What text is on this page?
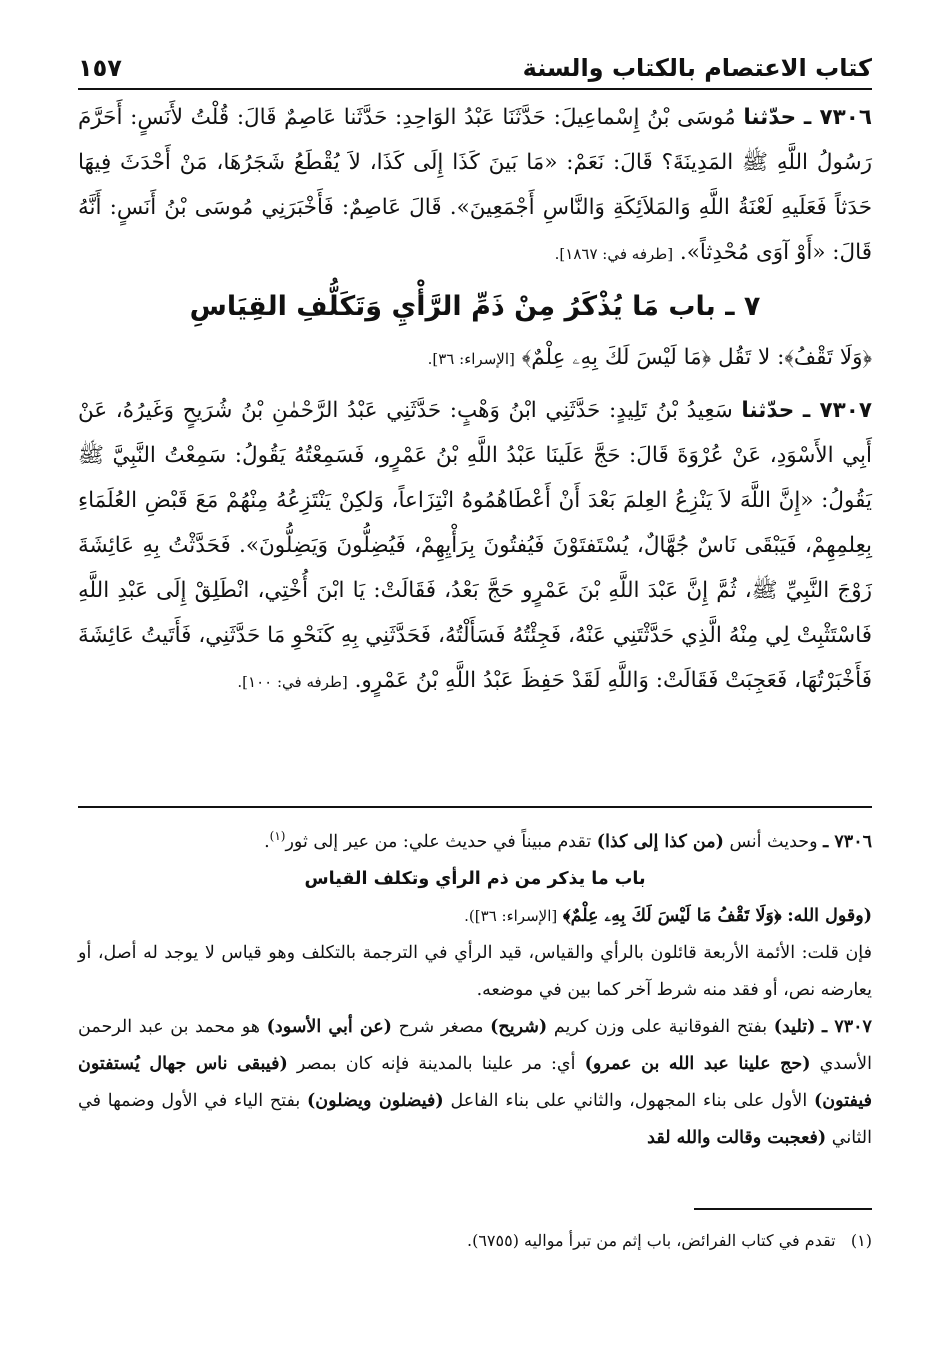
كتاب الاعتصام بالكتاب والسنة
١٥٧

٧٣٠٦ ـ حدّثنا مُوسَى بْنُ إِسْماعِيلَ: حَدَّثَنَا عَبْدُ الوَاحِدِ: حَدَّثَنا عَاصِمٌ قَالَ: قُلْتُ لأَنَسٍ: أَحَرَّمَ رَسُولُ اللَّهِ ﷺ المَدِينَةَ؟ قَالَ: نَعَمْ: «مَا بَينَ كَذَا إِلَى كَذَا، لاَ يُقْطَعُ شَجَرُهَا، مَنْ أَحْدَثَ فِيهَا حَدَثاً فَعَلَيهِ لَعْنَةُ اللَّهِ وَالمَلاَئِكَةِ وَالنَّاسِ أَجْمَعِينَ». قَالَ عَاصِمٌ: فَأَخْبَرَنِي مُوسَى بْنُ أَنَسٍ: أَنَّهُ قَالَ: «أَوْ آوَى مُحْدِثاً». [طرفه في: ١٨٦٧].

٧ ـ باب مَا يُذْكَرُ مِنْ ذَمِّ الرَّأْيِ وَتَكَلُّفِ القِيَاسِ

﴿وَلَا تَقْفُ﴾: لا تَقُل ﴿مَا لَيْسَ لَكَ بِهِۦ عِلْمٌ﴾ [الإسراء: ٣٦].

٧٣٠٧ ـ حدّثنا سَعِيدُ بْنُ تَلِيدٍ: حَدَّثَنِي ابْنُ وَهْبٍ: حَدَّثَنِي عَبْدُ الرَّحْمٰنِ بْنُ شُرَيحٍ وَغَيرُهُ، عَنْ أَبِي الأَسْوَدِ، عَنْ عُرْوَةَ قَالَ: حَجَّ عَلَينَا عَبْدُ اللَّهِ بْنُ عَمْرٍو، فَسَمِعْتُهُ يَقُولُ: سَمِعْتُ النَّبِيَّ ﷺ يَقُولُ: «إِنَّ اللَّهَ لاَ يَنْزِعُ العِلمَ بَعْدَ أَنْ أَعْطَاهُمُوهُ انْتِزَاعاً، وَلكِنْ يَنْتَزِعُهُ مِنْهُمْ مَعَ قَبْضِ العُلَمَاءِ بِعِلمِهِمْ، فَيَبْقَى نَاسٌ جُهَّالٌ، يُسْتَفتَوْنَ فَيُفتُونَ بِرَأْيِهِمْ، فَيُضِلُّونَ وَيَضِلُّونَ». فَحَدَّثْتُ بِهِ عَائِشَةَ زَوْجَ النَّبِيِّ ﷺ، ثُمَّ إِنَّ عَبْدَ اللَّهِ بْنَ عَمْرٍو حَجَّ بَعْدُ، فَقَالَتْ: يَا ابْنَ أُخْتِي، انْطَلِقْ إِلَى عَبْدِ اللَّهِ فَاسْتَثْبِتْ لِي مِنْهُ الَّذِي حَدَّثْتَنِي عَنْهُ، فَجِئْتُهُ فَسَأَلْتُهُ، فَحَدَّثَنِي بِهِ كَنَحْوِ مَا حَدَّثَنِي، فَأَتَيتُ عَائِشَةَ فَأَخْبَرْتُهَا، فَعَجِبَتْ فَقَالَتْ: وَاللَّهِ لَقَدْ حَفِظَ عَبْدُ اللَّهِ بْنُ عَمْرٍو. [طرفه في: ١٠٠].

٧٣٠٦ ـ وحديث أنس (من كذا إلى كذا) تقدم مبيناً في حديث علي: من عير إلى ثور$^{(١)}$.

باب ما يذكر من ذم الرأي وتكلف القياس

(وقول الله: ﴿وَلَا تَقْفُ مَا لَيْسَ لَكَ بِهِۦ عِلْمٌ﴾ [الإسراء: ٣٦]).

فإن قلت: الأئمة الأربعة قائلون بالرأي والقياس، قيد الرأي في الترجمة بالتكلف وهو قياس لا يوجد له أصل، أو يعارضه نص، أو فقد منه شرط آخر كما بين في موضعه.

٧٣٠٧ ـ (تليد) بفتح الفوقانية على وزن كريم (شريح) مصغر شرح (عن أبي الأسود) هو محمد بن عبد الرحمن الأسدي (حج علينا عبد الله بن عمرو) أي: مر علينا بالمدينة فإنه كان بمصر (فيبقى ناس جهال يُستفتون فيفتون) الأول على بناء المجهول، والثاني على بناء الفاعل (فيضلون ويضلون) بفتح الياء في الأول وضمها في الثاني (فعجبت وقالت والله لقد

(١)   تقدم في كتاب الفرائض، باب إثم من تبرأ مواليه (٦٧٥٥).
